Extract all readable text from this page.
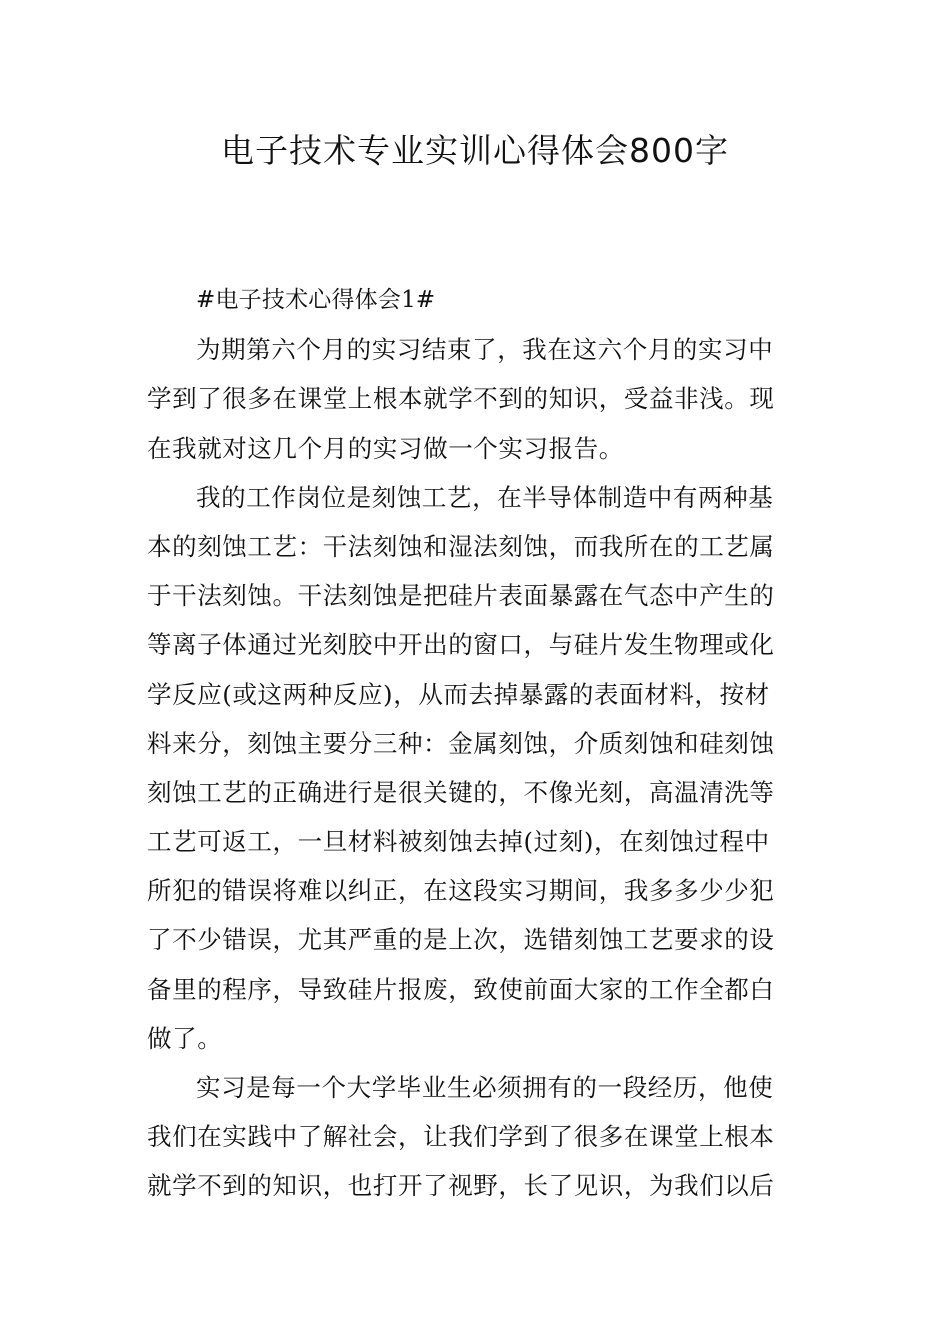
电子技术专业实训心得体会800字
#电子技术心得体会1#
为期第六个月的实习结束了，我在这六个月的实习中
学到了很多在课堂上根本就学不到的知识，受益非浅。现
在我就对这几个月的实习做一个实习报告。
我的工作岗位是刻蚀工艺，在半导体制造中有两种基
本的刻蚀工艺：干法刻蚀和湿法刻蚀，而我所在的工艺属
于干法刻蚀。干法刻蚀是把硅片表面暴露在气态中产生的
等离子体通过光刻胶中开出的窗口，与硅片发生物理或化
学反应(或这两种反应)，从而去掉暴露的表面材料，按材
料来分，刻蚀主要分三种：金属刻蚀，介质刻蚀和硅刻蚀
刻蚀工艺的正确进行是很关键的，不像光刻，高温清洗等
工艺可返工，一旦材料被刻蚀去掉(过刻)，在刻蚀过程中
所犯的错误将难以纠正，在这段实习期间，我多多少少犯
了不少错误，尤其严重的是上次，选错刻蚀工艺要求的设
备里的程序，导致硅片报废，致使前面大家的工作全都白
做了。
实习是每一个大学毕业生必须拥有的一段经历，他使
我们在实践中了解社会，让我们学到了很多在课堂上根本
就学不到的知识，也打开了视野，长了见识，为我们以后
